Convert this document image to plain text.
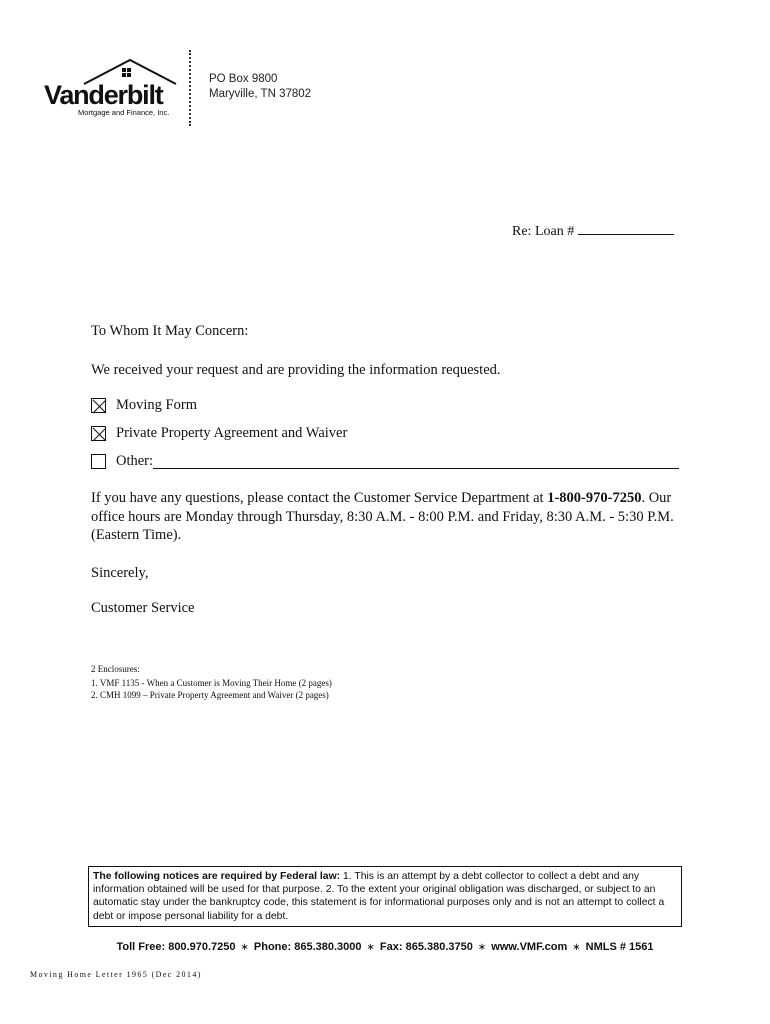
Vanderbilt
Mortgage and Finance, Inc.
PO Box 9800
Maryville, TN 37802
Re: Loan #
To Whom It May Concern:
We received your request and are providing the information requested.
Moving Form
Private Property Agreement and Waiver
Other:
If you have any questions, please contact the Customer Service Department at 1-800-970-7250. Our office hours are Monday through Thursday, 8:30 A.M. - 8:00 P.M. and Friday, 8:30 A.M. - 5:30 P.M. (Eastern Time).
Sincerely,
Customer Service
2 Enclosures:
1. VMF 1135 - When a Customer is Moving Their Home (2 pages)
2. CMH 1099 – Private Property Agreement and Waiver (2 pages)
The following notices are required by Federal law: 1. This is an attempt by a debt collector to collect a debt and any information obtained will be used for that purpose. 2. To the extent your original obligation was discharged, or subject to an automatic stay under the bankruptcy code, this statement is for informational purposes only and is not an attempt to collect a debt or impose personal liability for a debt.
Toll Free: 800.970.7250 ∗ Phone: 865.380.3000 ∗ Fax: 865.380.3750 ∗ www.VMF.com ∗ NMLS # 1561
Moving Home Letter 1965 (Dec 2014)
